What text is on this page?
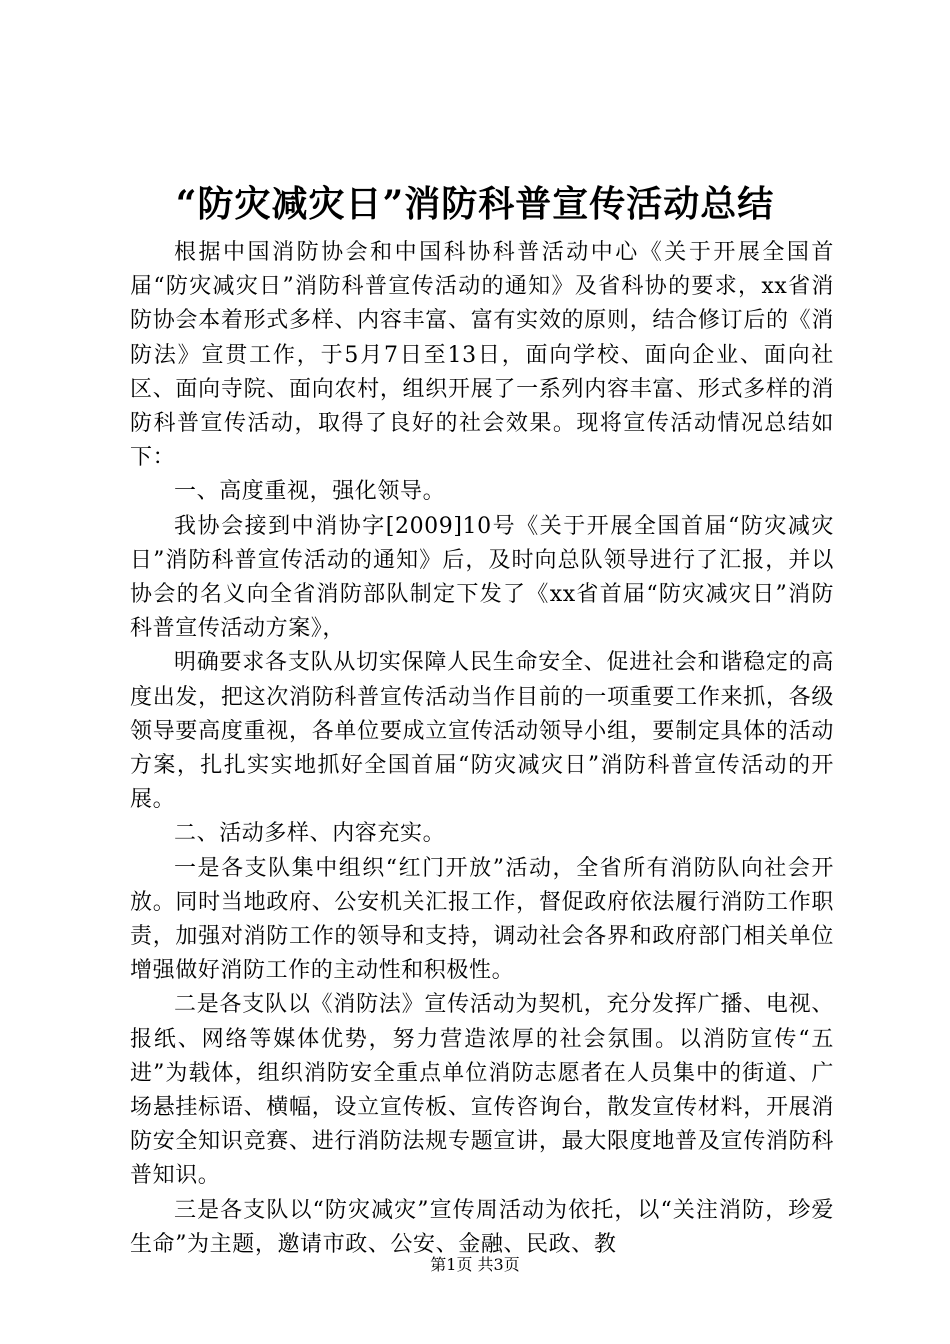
“防灾减灾日”消防科普宣传活动总结

根据中国消防协会和中国科协科普活动中心《关于开展全国首届“防灾减灾日”消防科普宣传活动的通知》及省科协的要求，xx省消防协会本着形式多样、内容丰富、富有实效的原则，结合修订后的《消防法》宣贯工作，于5月7日至13日，面向学校、面向企业、面向社区、面向寺院、面向农村，组织开展了一系列内容丰富、形式多样的消防科普宣传活动，取得了良好的社会效果。现将宣传活动情况总结如下：

一、高度重视，强化领导。

我协会接到中消协字[2009]10号《关于开展全国首届“防灾减灾日”消防科普宣传活动的通知》后，及时向总队领导进行了汇报，并以协会的名义向全省消防部队制定下发了《xx省首届“防灾减灾日”消防科普宣传活动方案》，

明确要求各支队从切实保障人民生命安全、促进社会和谐稳定的高度出发，把这次消防科普宣传活动当作目前的一项重要工作来抓，各级领导要高度重视，各单位要成立宣传活动领导小组，要制定具体的活动方案，扎扎实实地抓好全国首届“防灾减灾日”消防科普宣传活动的开展。

二、活动多样、内容充实。

一是各支队集中组织“红门开放”活动，全省所有消防队向社会开放。同时当地政府、公安机关汇报工作，督促政府依法履行消防工作职责，加强对消防工作的领导和支持，调动社会各界和政府部门相关单位增强做好消防工作的主动性和积极性。

二是各支队以《消防法》宣传活动为契机，充分发挥广播、电视、报纸、网络等媒体优势，努力营造浓厚的社会氛围。以消防宣传“五进”为载体，组织消防安全重点单位消防志愿者在人员集中的街道、广场悬挂标语、横幅，设立宣传板、宣传咨询台，散发宣传材料，开展消防安全知识竞赛、进行消防法规专题宣讲，最大限度地普及宣传消防科普知识。

三是各支队以“防灾减灾”宣传周活动为依托，以“关注消防，珍爱生命”为主题，邀请市政、公安、金融、民政、教

第1页 共3页
